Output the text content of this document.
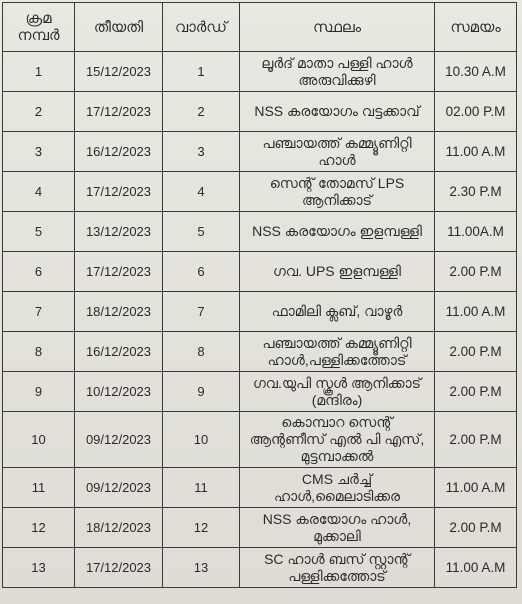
ക്രമ നമ്പർ	തീയതി	വാർഡ്	സ്ഥലം	സമയം
1	15/12/2023	1	ലൂർദ് മാതാ പള്ളി ഹാൾ അരുവിക്കുഴി	10.30 A.M
2	17/12/2023	2	NSS കരയോഗം വട്ടക്കാവ്	02.00 P.M
3	16/12/2023	3	പഞ്ചായത്ത് കമ്മ്യൂണിറ്റി ഹാൾ	11.00 A.M
4	17/12/2023	4	സെന്റ് തോമസ് LPS ആനിക്കാട്	2.30 P.M
5	13/12/2023	5	NSS കരയോഗം ഇളമ്പള്ളി	11.00A.M
6	17/12/2023	6	ഗവ. UPS ഇളമ്പള്ളി	2.00 P.M
7	18/12/2023	7	ഫാമിലി ക്ലബ്, വാഴൂർ	11.00 A.M
8	16/12/2023	8	പഞ്ചായത്ത് കമ്മ്യൂണിറ്റി ഹാൾ,പള്ളിക്കത്തോട്	2.00 P.M
9	10/12/2023	9	ഗവ.യുപി സ്കൂൾ ആനിക്കാട് (മന്ദിരം)	2.00 P.M
10	09/12/2023	10	കൊമ്പാറ സെന്റ് ആന്റണീസ് എൽ പി എസ്, മുട്ടമ്പാക്കൽ	2.00 P.M
11	09/12/2023	11	CMS ചർച്ച് ഹാൾ,മൈലാടിക്കര	11.00 A.M
12	18/12/2023	12	NSS കരയോഗം ഹാൾ, മുക്കാലി	2.00 P.M
13	17/12/2023	13	SC ഹാൾ ബസ് സ്റ്റാന്റ് പള്ളിക്കത്തോട്	11.00 A.M
